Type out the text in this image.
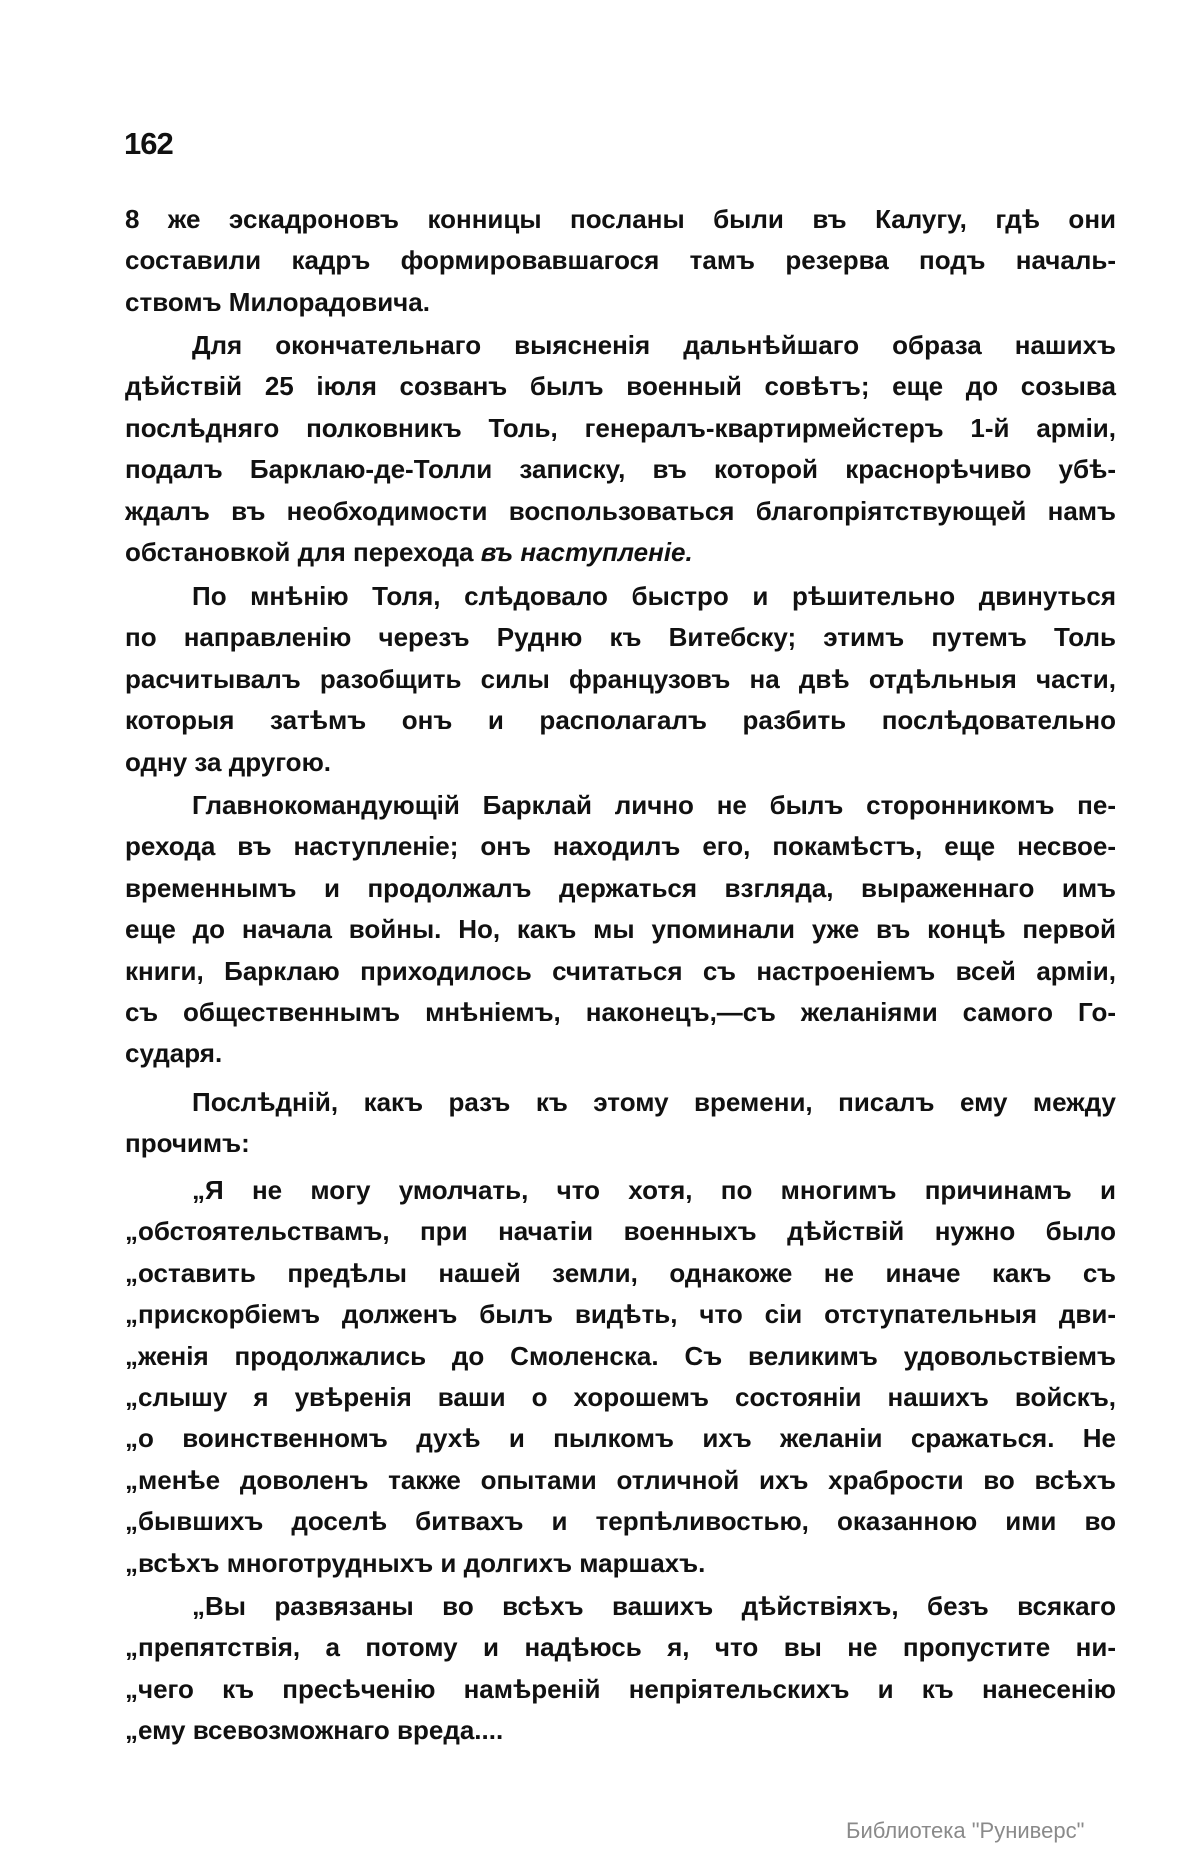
162
8 же эскадроновъ конницы посланы были въ Калугу, гдѣ они
составили кадръ формировавшагося тамъ резерва подъ началь-
ствомъ Милорадовича.
Для окончательнаго выясненія дальнѣйшаго образа нашихъ
дѣйствій 25 іюля созванъ былъ военный совѣтъ; еще до созыва
послѣдняго полковникъ Толь, генералъ-квартирмейстеръ 1-й арміи,
подалъ Барклаю-де-Толли записку, въ которой краснорѣчиво убѣ-
ждалъ въ необходимости воспользоваться благопріятствующей намъ
обстановкой для перехода въ наступленіе.
По мнѣнію Толя, слѣдовало быстро и рѣшительно двинуться
по направленію черезъ Рудню къ Витебску; этимъ путемъ Толь
расчитывалъ разобщить силы французовъ на двѣ отдѣльныя части,
которыя затѣмъ онъ и располагалъ разбить послѣдовательно
одну за другою.
Главнокомандующій Барклай лично не былъ сторонникомъ пе-
рехода въ наступленіе; онъ находилъ его, покамѣстъ, еще несвое-
временнымъ и продолжалъ держаться взгляда, выраженнаго имъ
еще до начала войны. Но, какъ мы упоминали уже въ концѣ первой
книги, Барклаю приходилось считаться съ настроеніемъ всей арміи,
съ общественнымъ мнѣніемъ, наконецъ,—съ желаніями самого Го-
сударя.
Послѣдній, какъ разъ къ этому времени, писалъ ему между
прочимъ:
„Я не могу умолчать, что хотя, по многимъ причинамъ и
„обстоятельствамъ, при начатіи военныхъ дѣйствій нужно было
„оставить предѣлы нашей земли, однакоже не иначе какъ съ
„прискорбіемъ долженъ былъ видѣть, что сіи отступательныя дви-
„женія продолжались до Смоленска. Съ великимъ удовольствіемъ
„слышу я увѣренія ваши о хорошемъ состояніи нашихъ войскъ,
„о воинственномъ духѣ и пылкомъ ихъ желаніи сражаться. Не
„менѣе доволенъ также опытами отличной ихъ храбрости во всѣхъ
„бывшихъ доселѣ битвахъ и терпѣливостью, оказанною ими во
„всѣхъ многотрудныхъ и долгихъ маршахъ.
„Вы развязаны во всѣхъ вашихъ дѣйствіяхъ, безъ всякаго
„препятствія, а потому и надѣюсь я, что вы не пропустите ни-
„чего къ пресѣченію намѣреній непріятельскихъ и къ нанесенію
„ему всевозможнаго вреда....
Библиотека "Руниверс"
